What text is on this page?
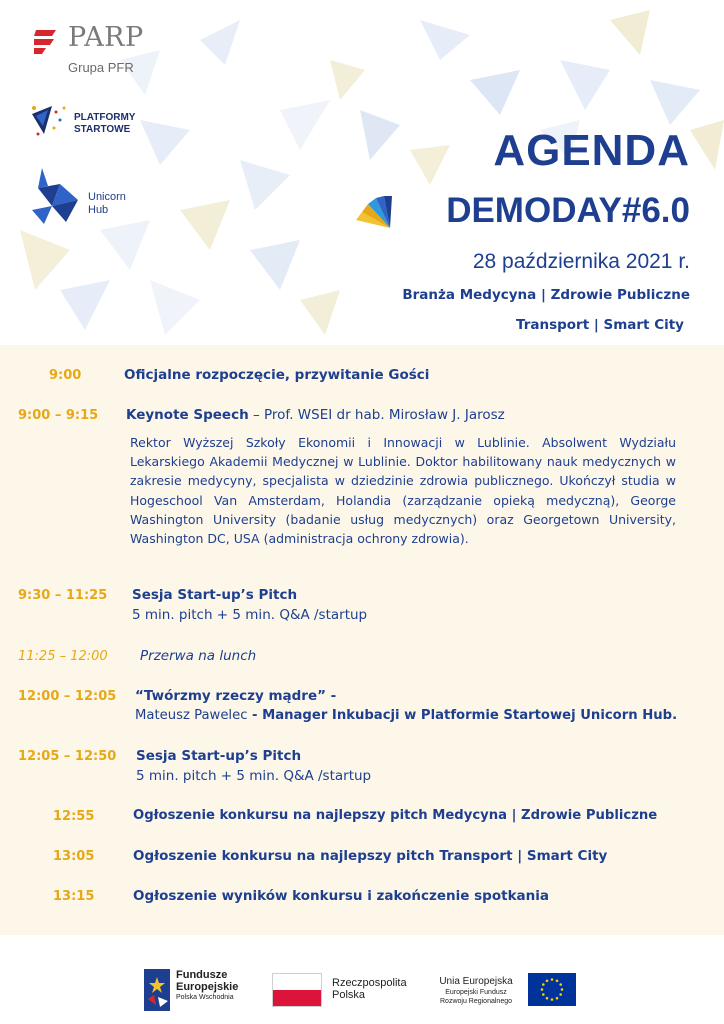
PARP
Grupa PFR
PLATFORMY
STARTOWE
Unicorn
Hub
AGENDA
DEMODAY#6.0
28 października 2021 r.
Branża Medycyna | Zdrowie Publiczne
Transport | Smart City
9:00	Oficjalne rozpoczęcie, przywitanie Gości
9:00 – 9:15 Keynote Speech – Prof. WSEI dr hab. Mirosław J. Jarosz
Rektor Wyższej Szkoły Ekonomii i Innowacji w Lublinie. Absolwent Wydziału Lekarskiego Akademii Medycznej w Lublinie. Doktor habilitowany nauk medycznych w zakresie medycyny, specjalista w dziedzinie zdrowia publicznego. Ukończył studia w Hogeschool Van Amsterdam, Holandia (zarządzanie opieką medyczną), George Washington University (badanie usług medycznych) oraz Georgetown University, Washington DC, USA (administracja ochrony zdrowia).
9:30 – 11:25 Sesja Start-up’s Pitch
5 min. pitch + 5 min. Q&A /startup
11:25 – 12:00 Przerwa na lunch
12:00 – 12:05 “Twórzmy rzeczy mądre” -
Mateusz Pawelec - Manager Inkubacji w Platformie Startowej Unicorn Hub.
12:05 – 12:50 Sesja Start-up’s Pitch
5 min. pitch + 5 min. Q&A /startup
12:55	Ogłoszenie konkursu na najlepszy pitch Medycyna | Zdrowie Publiczne
13:05	Ogłoszenie konkursu na najlepszy pitch Transport | Smart City
13:15	Ogłoszenie wyników konkursu i zakończenie spotkania
Fundusze
Europejskie
Polska Wschodnia
Rzeczpospolita
Polska
Unia Europejska
Europejski Fundusz
Rozwoju Regionalnego
